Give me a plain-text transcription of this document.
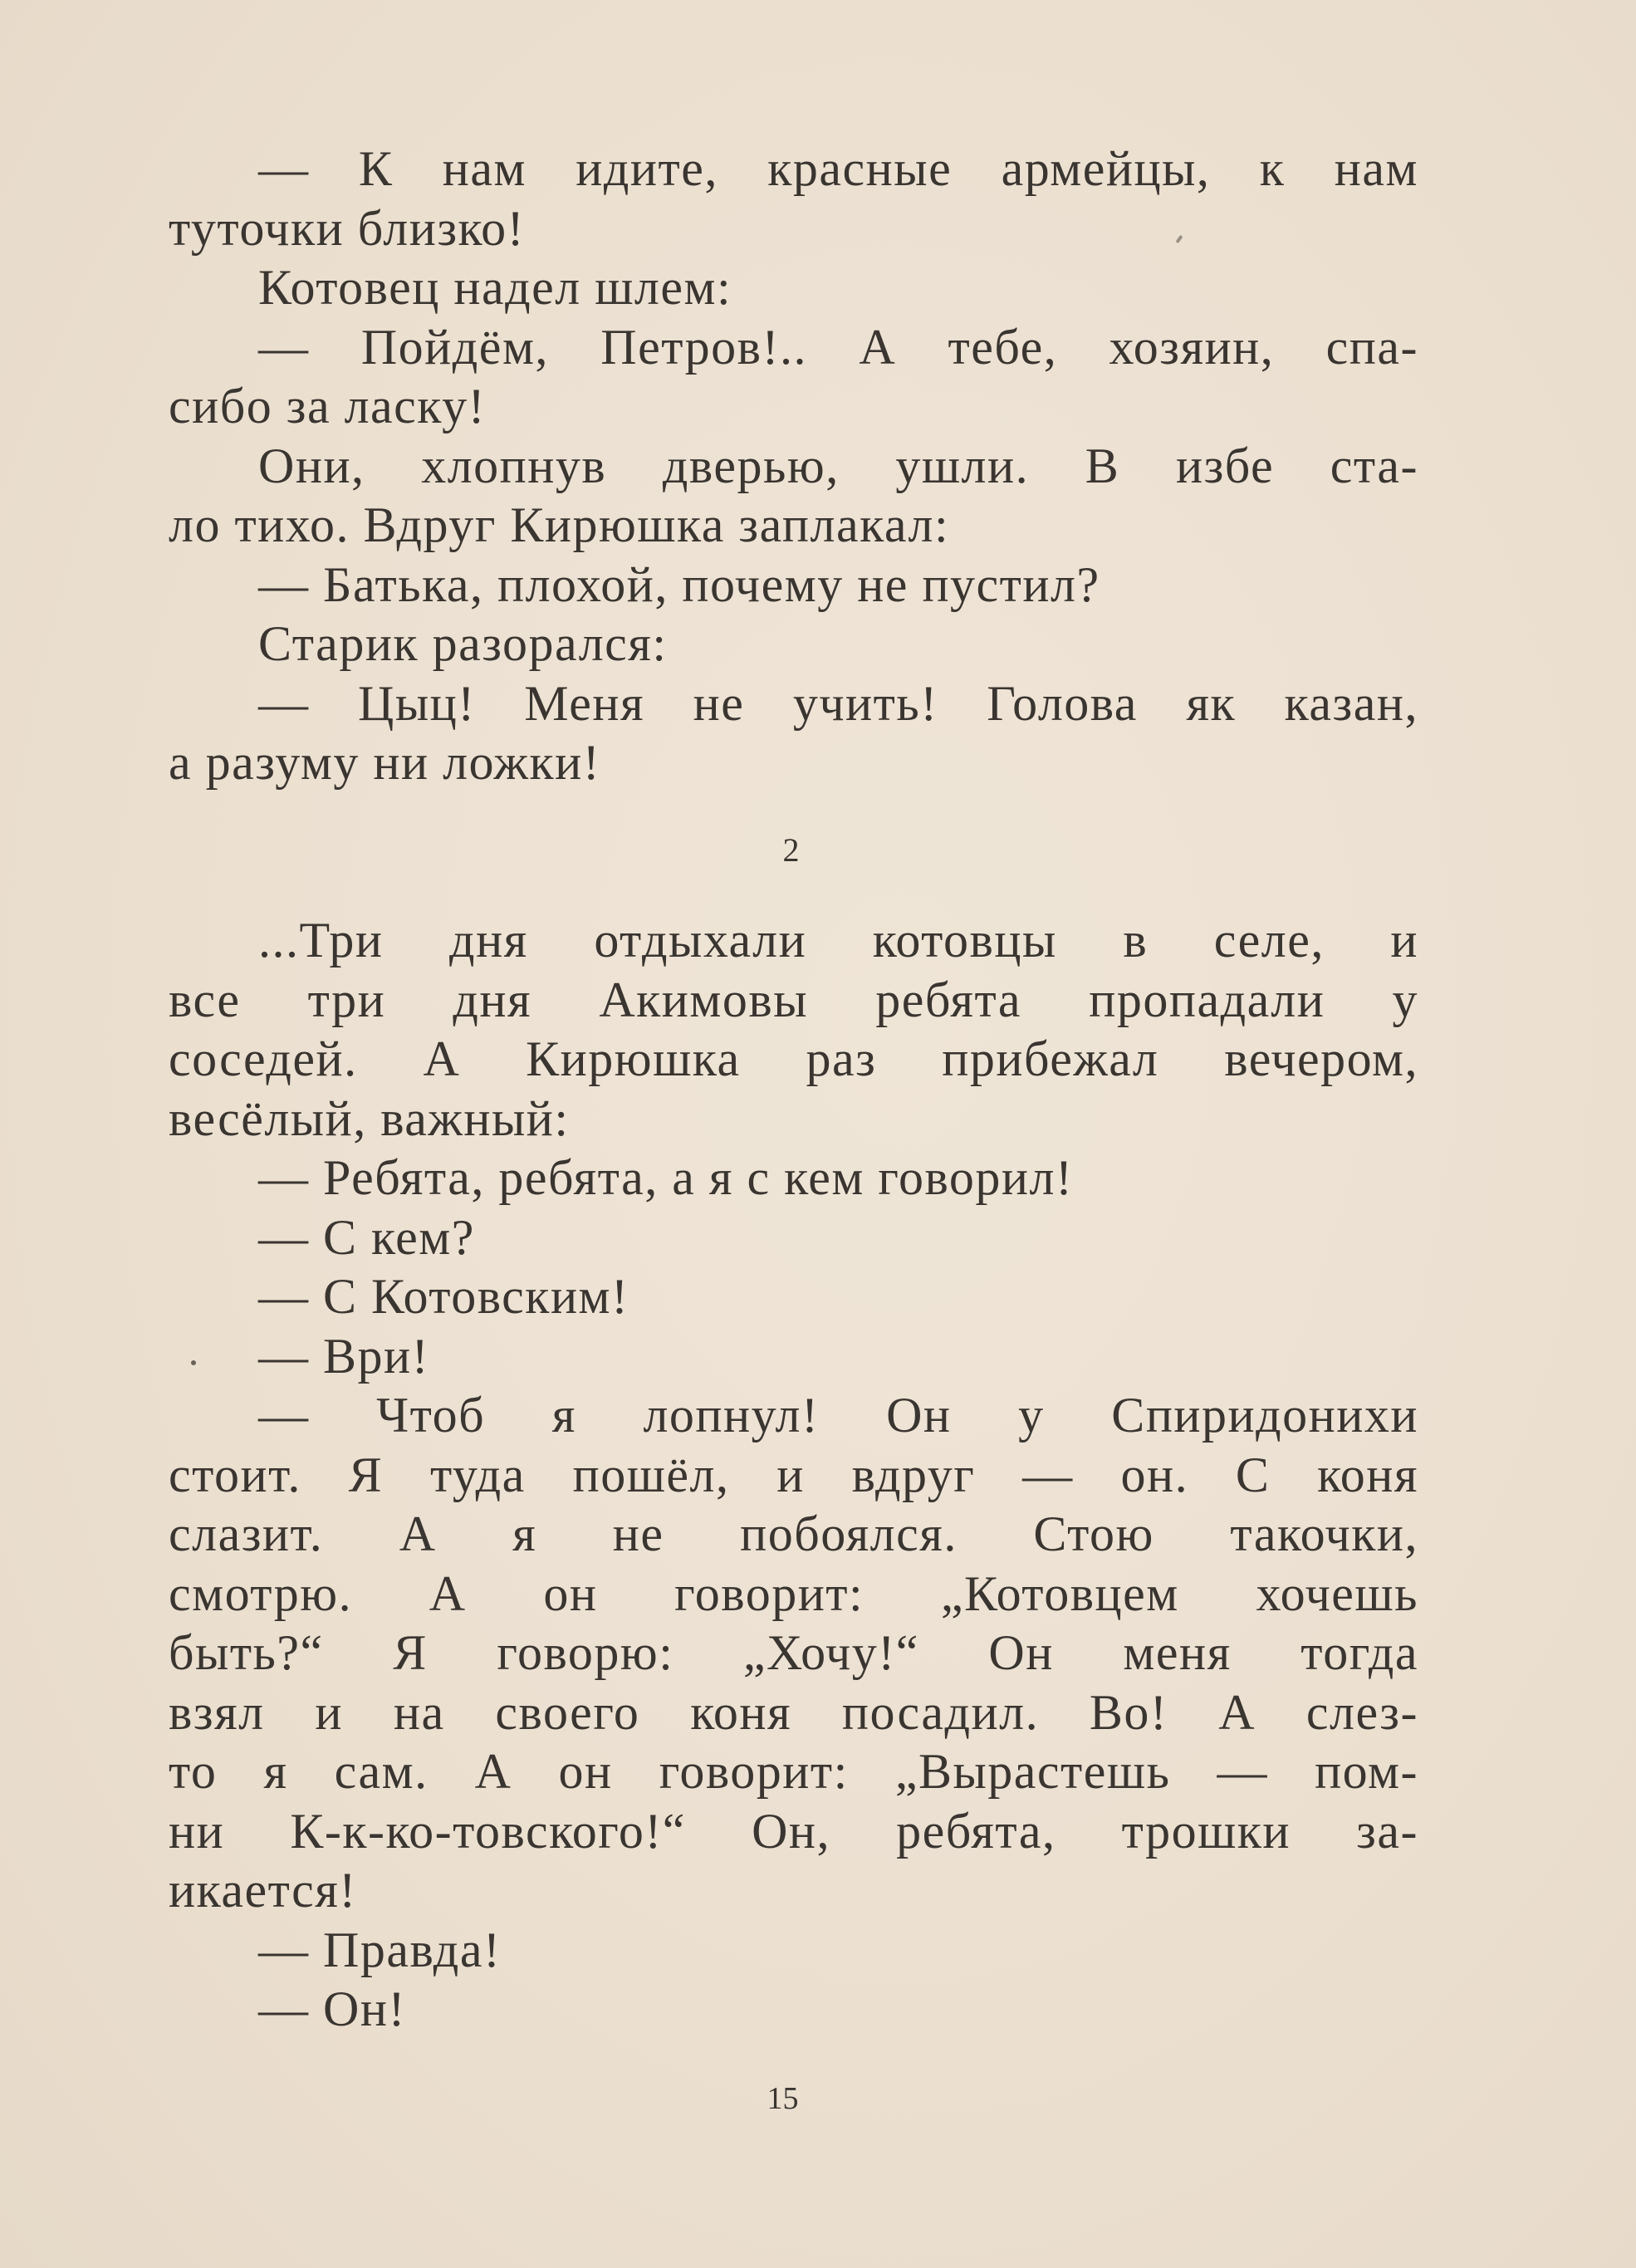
— К нам идите, красные армейцы, к нам
туточки близко!
Котовец надел шлем:
— Пойдём, Петров!.. А тебе, хозяин, спа-
сибо за ласку!
Они, хлопнув дверью, ушли. В избе ста-
ло тихо. Вдруг Кирюшка заплакал:
— Батька, плохой, почему не пустил?
Старик разорался:
— Цыц! Меня не учить! Голова як казан,
а разуму ни ложки!
2
...Три дня отдыхали котовцы в селе, и
все три дня Акимовы ребята пропадали у
соседей. А Кирюшка раз прибежал вечером,
весёлый, важный:
— Ребята, ребята, а я с кем говорил!
— С кем?
— С Котовским!
— Ври!
— Чтоб я лопнул! Он у Спиридонихи
стоит. Я туда пошёл, и вдруг — он. С коня
слазит. А я не побоялся. Стою такочки,
смотрю. А он говорит: „Котовцем хочешь
быть?“ Я говорю: „Хочу!“ Он меня тогда
взял и на своего коня посадил. Во! А слез-
то я сам. А он говорит: „Вырастешь — пом-
ни К-к-ко-товского!“ Он, ребята, трошки за-
икается!
— Правда!
— Он!
15
